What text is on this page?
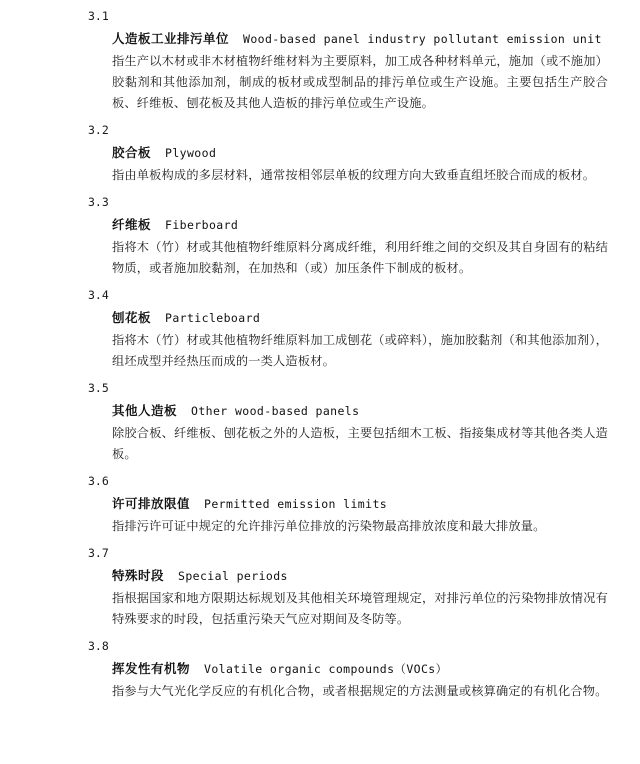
3.1
人造板工业排污单位 Wood-based panel industry pollutant emission unit
指生产以木材或非木材植物纤维材料为主要原料，加工成各种材料单元，施加（或不施加）胶黏剂和其他添加剂，制成的板材或成型制品的排污单位或生产设施。主要包括生产胶合板、纤维板、刨花板及其他人造板的排污单位或生产设施。
3.2
胶合板 Plywood
指由单板构成的多层材料，通常按相邻层单板的纹理方向大致垂直组坯胶合而成的板材。
3.3
纤维板 Fiberboard
指将木（竹）材或其他植物纤维原料分离成纤维，利用纤维之间的交织及其自身固有的粘结物质，或者施加胶黏剂，在加热和（或）加压条件下制成的板材。
3.4
刨花板 Particleboard
指将木（竹）材或其他植物纤维原料加工成刨花（或碎料），施加胶黏剂（和其他添加剂），组坯成型并经热压而成的一类人造板材。
3.5
其他人造板 Other wood-based panels
除胶合板、纤维板、刨花板之外的人造板，主要包括细木工板、指接集成材等其他各类人造板。
3.6
许可排放限值 Permitted emission limits
指排污许可证中规定的允许排污单位排放的污染物最高排放浓度和最大排放量。
3.7
特殊时段 Special periods
指根据国家和地方限期达标规划及其他相关环境管理规定，对排污单位的污染物排放情况有特殊要求的时段，包括重污染天气应对期间及冬防等。
3.8
挥发性有机物 Volatile organic compounds（VOCs）
指参与大气光化学反应的有机化合物，或者根据规定的方法测量或核算确定的有机化合物。
